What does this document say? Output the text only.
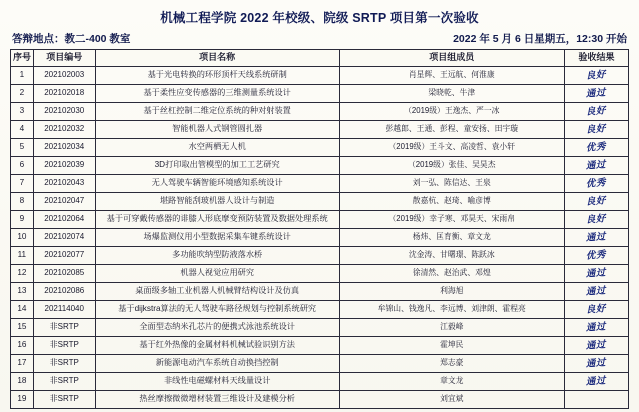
机械工程学院 2022 年校级、院级 SRTP 项目第一次验收
答辩地点：教二-400 教室	2022 年 5 月 6 日星期五，12:30 开始
序号	项目编号	项目名称	项目组成员	验收结果
1	202102003	基于光电转换的环形顶杆天线系统研制	肖星辉、王远航、何淮康	良好

2	202102018	基于柔性应变传感器的三维测量系统设计	梁晓乾、牛津	通过

3	202102030	基于丝杠控制二维定位系统的种对射装置	（2019级）王逸杰、严一冰	良好

4	202102032	智能机器人式钢管圆扎器	彭越郎、王通、彭程、童安扬、田宇璇	良好

5	202102034	水空两栖无人机	（2019级）王斗文、高凌哲、袁小轩	优秀

6	202102039	3D打印取出管模型的加工工艺研究	（2019级）张佳、吴昊杰	通过

7	202102043	无人驾驶车辆智能环境感知系统设计	刘一弘、陈信达、王泉	优秀

8	202102047	堪路智能刮玻机器人设计与制造	散嘉杭、赵琦、喻彦博	良好

9	202102064	基于可穿戴传感器的诽膝人形底摩变预防装置及数据处理系统	（2019级）幸子寒、邓昊天、宋雨帛	良好

10	202102074	场爆监测仪用小型数据采集车键系统设计	杨炜、匡育衡、章文龙	通过

11	202102077	多功能吹纳型防液落水桥	沈金涛、甘曙璟、陈跃冰	优秀

12	202102085	机器人视觉应用研究	徐清然、赵治武、邓煌	通过

13	202102086	桌面级多轴工业机器人机械臂结构设计及仿真	利海旭	通过

14	202114040	基于dijkstra算法的无人驾驶车路径规划与控制系统研究	牟锦山、钱逸凡、李远博、刘津朗、霍程亮	良好

15	非SRTP	全面型态纳米孔芯片的便携式泳池系统设计	江毅峰	通过

16	非SRTP	基于红外热像的金属材料机械试验识别方法	霍坤民	通过

17	非SRTP	新能源电动汽车系统自动换挡控制	郑志豪	通过

18	非SRTP	非线性电磁螺材料天线量设计	章文龙	通过

19	非SRTP	热丝摩擦微微增材装置三维设计及建模分析	刘宜斌	
